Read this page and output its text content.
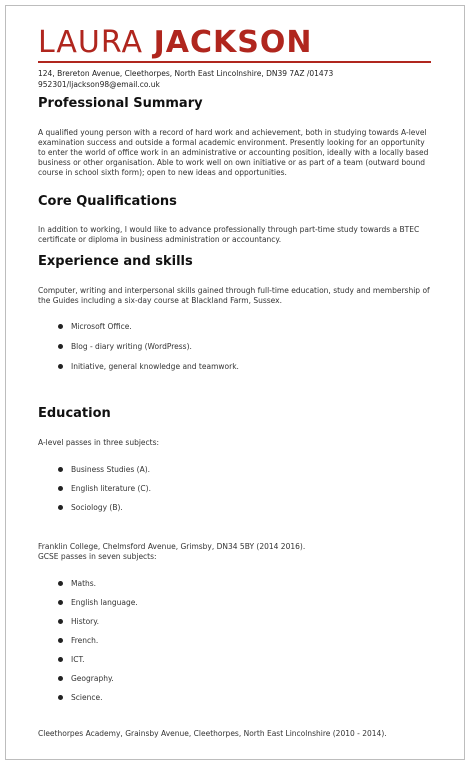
LAURA JACKSON
124, Brereton Avenue, Cleethorpes, North East Lincolnshire, DN39 7AZ /01473
952301/ljackson98@email.co.uk
Professional Summary

A qualified young person with a record of hard work and achievement, both in studying towards A-level examination success and outside a formal academic environment. Presently looking for an opportunity to enter the world of office work in an administrative or accounting position, ideally with a locally based business or other organisation. Able to work well on own initiative or as part of a team (outward bound course in school sixth form); open to new ideas and opportunities.

Core Qualifications

In addition to working, I would like to advance professionally through part-time study towards a BTEC certificate or diploma in business administration or accountancy.

Experience and skills

Computer, writing and interpersonal skills gained through full-time education, study and membership of the Guides including a six-day course at Blackland Farm, Sussex.

Microsoft Office.
Blog - diary writing (WordPress).
Initiative, general knowledge and teamwork.
Education

A-level passes in three subjects:

Business Studies (A).
English literature (C).
Sociology (B).

Franklin College, Chelmsford Avenue, Grimsby, DN34 5BY (2014 2016).

GCSE passes in seven subjects:

Maths.
English language.
History.
French.
ICT.
Geography.
Science.

Cleethorpes Academy, Grainsby Avenue, Cleethorpes, North East Lincolnshire (2010 - 2014).
